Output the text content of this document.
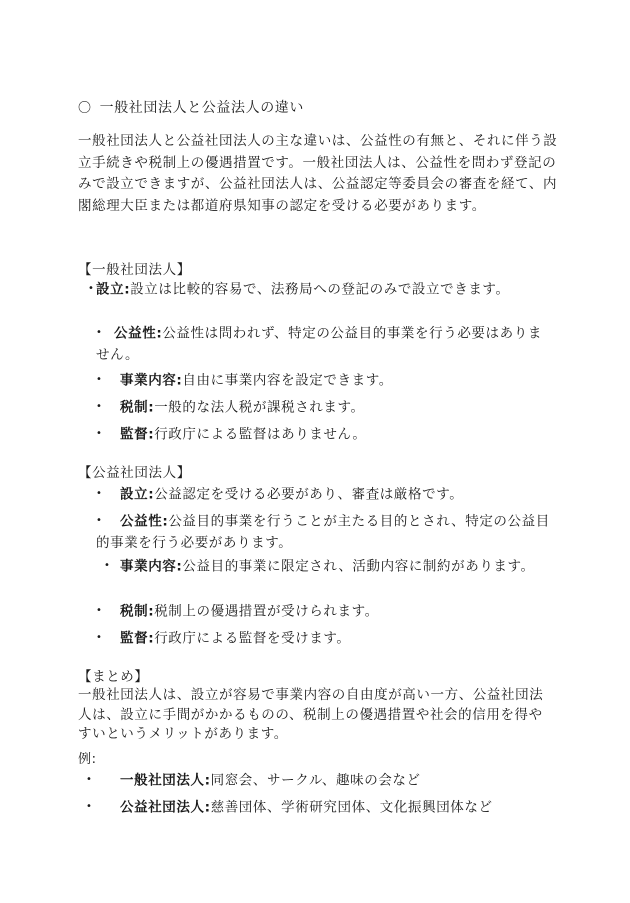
〇 一般社団法人と公益法人の違い
一般社団法人と公益社団法人の主な違いは、公益性の有無と、それに伴う設立手続きや税制上の優遇措置です。一般社団法人は、公益性を問わず登記のみで設立できますが、公益社団法人は、公益認定等委員会の審査を経て、内閣総理大臣または都道府県知事の認定を受ける必要があります。
【一般社団法人】
• 設立:設立は比較的容易で、法務局への登記のみで設立できます。
• 公益性:公益性は問われず、特定の公益目的事業を行う必要はありません。
• 事業内容:自由に事業内容を設定できます。
• 税制:一般的な法人税が課税されます。
• 監督:行政庁による監督はありません。
【公益社団法人】
• 設立:公益認定を受ける必要があり、審査は厳格です。
• 公益性:公益目的事業を行うことが主たる目的とされ、特定の公益目的事業を行う必要があります。
• 事業内容:公益目的事業に限定され、活動内容に制約があります。
• 税制:税制上の優遇措置が受けられます。
• 監督:行政庁による監督を受けます。
【まとめ】
一般社団法人は、設立が容易で事業内容の自由度が高い一方、公益社団法人は、設立に手間がかかるものの、税制上の優遇措置や社会的信用を得やすいというメリットがあります。
例:
• 一般社団法人:同窓会、サークル、趣味の会など
• 公益社団法人:慈善団体、学術研究団体、文化振興団体など
